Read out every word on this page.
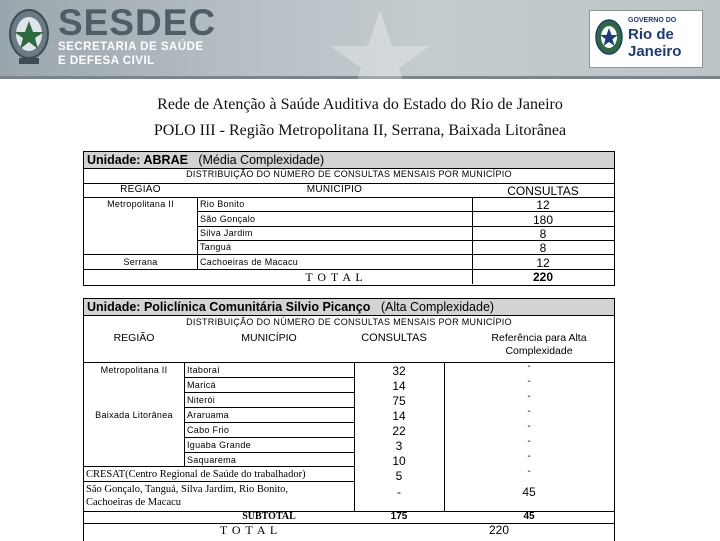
SESDEC
SECRETARIA DE SAÚDE
E DEFESA CIVIL
GOVERNO DO
Rio de
Janeiro
Rede de Atenção à Saúde Auditiva do Estado do Rio de Janeiro
POLO III - Região Metropolitana II, Serrana, Baixada Litorânea
Unidade: ABRAE (Média Complexidade)
DISTRIBUIÇÃO DO NÚMERO DE CONSULTAS MENSAIS POR MUNICÍPIO
REGIÃO	MUNICÍPIO	CONSULTAS
Metropolitana II	Rio Bonito	12
São Gonçalo	180
Silva Jardim	8
Tanguá	8
Serrana	Cachoeiras de Macacu	12
T O T A L	220
Unidade: Policlínica Comunitária Silvio Picanço (Alta Complexidade)
DISTRIBUIÇÃO DO NÚMERO DE CONSULTAS MENSAIS POR MUNICÍPIO
REGIÃO	MUNICÍPIO	CONSULTAS	Referência para Alta Complexidade
Metropolitana II	Itaboraí	32	-
Maricá	14	-
Niterói	75	-
Baixada Litorânea	Araruama	14	-
Cabo Frio	22	-
Iguaba Grande	3	-
Saquarema	10	-
CRESAT(Centro Regional de Saúde do trabalhador)	5	-
São Gonçalo, Tanguá, Silva Jardim, Rio Bonito,
Cachoeiras de Macacu
-	45
SUBTOTAL	175	45
T O T A L	220
